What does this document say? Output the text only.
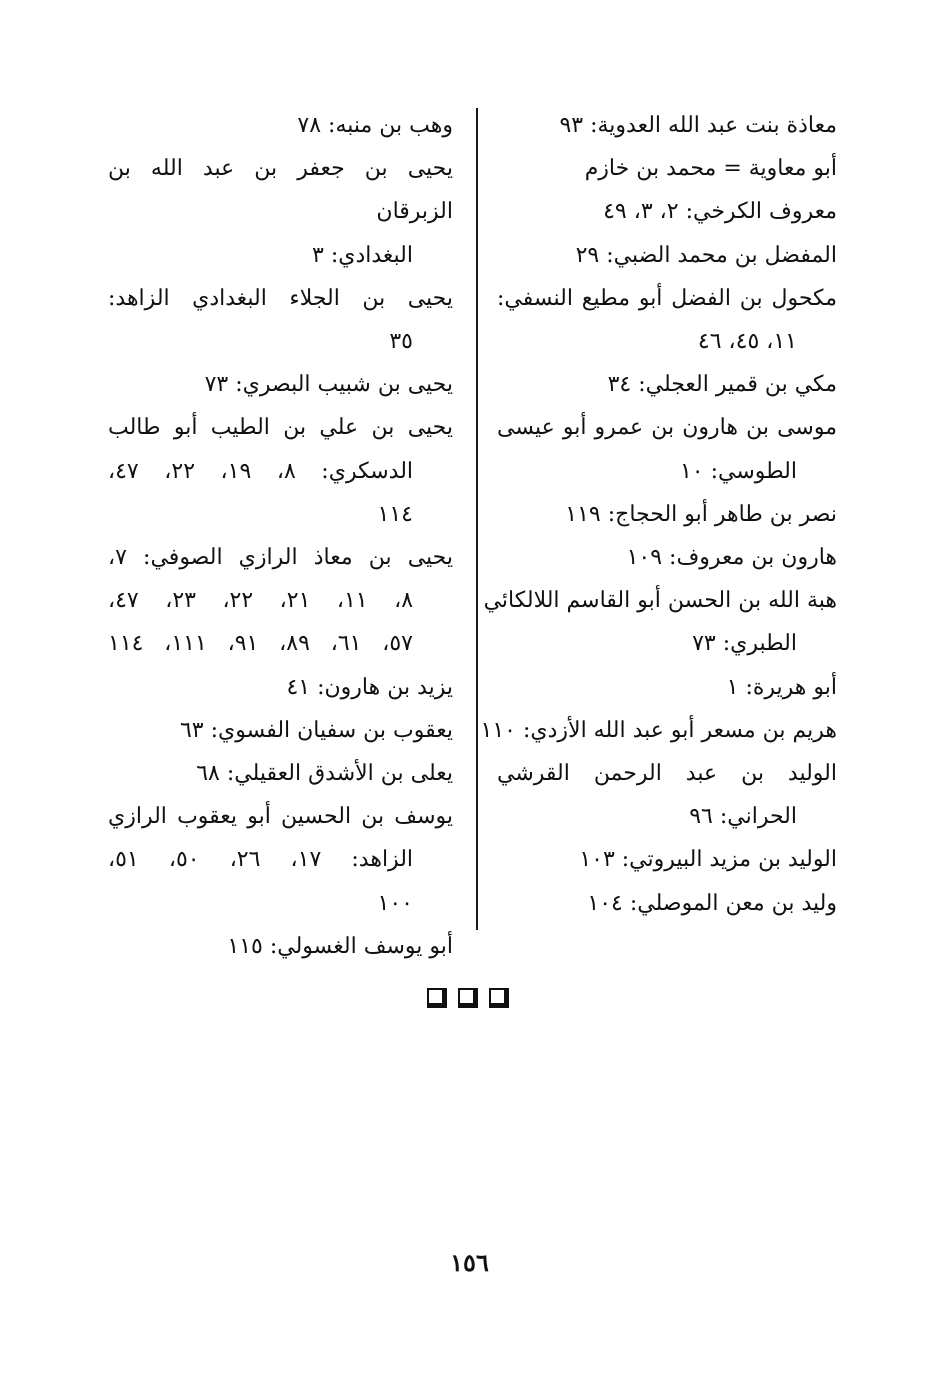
معاذة بنت عبد الله العدوية: ٩٣

أبو معاوية = محمد بن خازم

معروف الكرخي: ٢، ٣، ٤٩

المفضل بن محمد الضبي: ٢٩

مكحول بن الفضل أبو مطيع النسفي:

١١، ٤٥، ٤٦

مكي بن قمير العجلي: ٣٤

موسى بن هارون بن عمرو أبو عيسى

الطوسي: ١٠

نصر بن طاهر أبو الحجاج: ١١٩

هارون بن معروف: ١٠٩

هبة الله بن الحسن أبو القاسم اللالكائي

الطبري: ٧٣

أبو هريرة: ١

هريم بن مسعر أبو عبد الله الأزدي: ١١٠

الوليد بن عبد الرحمن القرشي

الحراني: ٩٦

الوليد بن مزيد البيروتي: ١٠٣

وليد بن معن الموصلي: ١٠٤

وهب بن منبه: ٧٨

يحيى بن جعفر بن عبد الله بن الزبرقان

البغدادي: ٣

يحيى بن الجلاء البغدادي الزاهد:

٣٥

يحيى بن شبيب البصري: ٧٣

يحيى بن علي بن الطيب أبو طالب

الدسكري: ٨، ١٩، ٢٢، ٤٧،

١١٤

يحيى بن معاذ الرازي الصوفي: ٧،

٨، ١١، ٢١، ٢٢، ٢٣، ٤٧،

٥٧، ٦١، ٨٩، ٩١، ١١١، ١١٤

يزيد بن هارون: ٤١

يعقوب بن سفيان الفسوي: ٦٣

يعلى بن الأشدق العقيلي: ٦٨

يوسف بن الحسين أبو يعقوب الرازي

الزاهد: ١٧، ٢٦، ٥٠، ٥١،

١٠٠

أبو يوسف الغسولي: ١١٥

١٥٦
